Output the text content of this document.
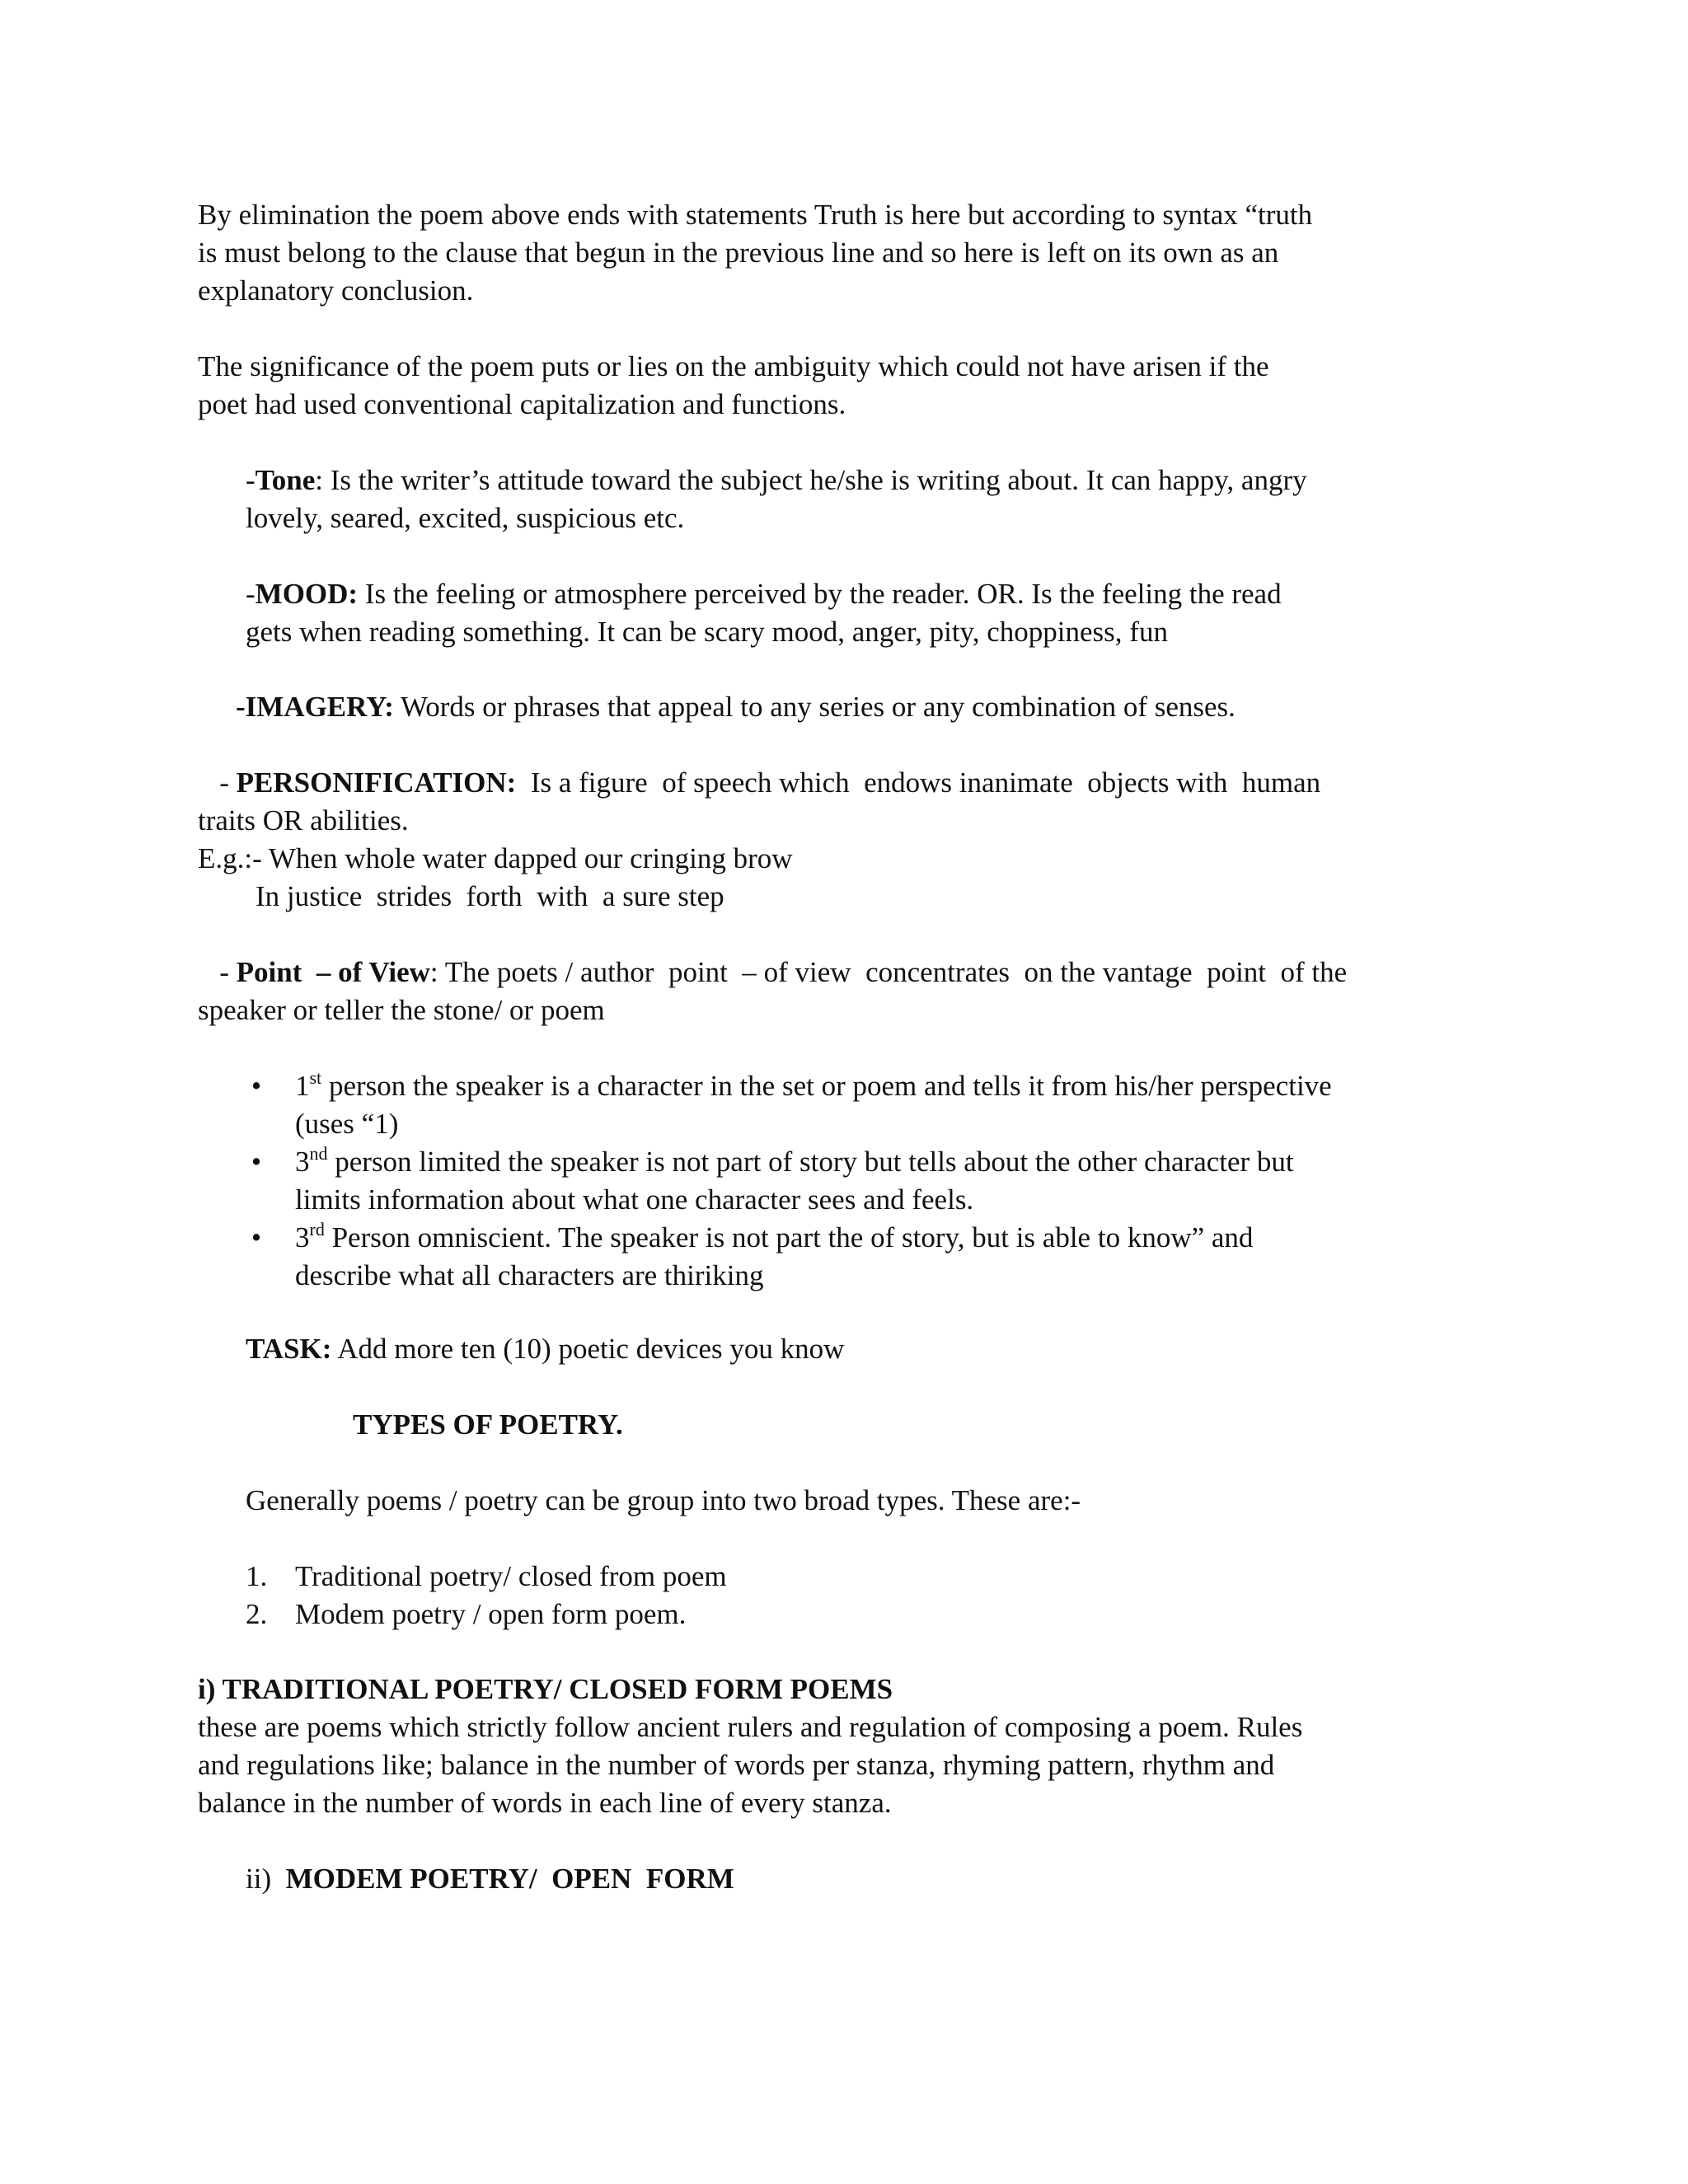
By elimination the poem above ends with statements Truth is here but according to syntax “truth
is must belong to the clause that begun in the previous line and so here is left on its own as an
explanatory conclusion.
The significance of the poem puts or lies on the ambiguity which could not have arisen if the
poet had used conventional capitalization and functions.
-Tone: Is the writer’s attitude toward the subject he/she is writing about. It can happy, angry
lovely, seared, excited, suspicious etc.
-MOOD: Is the feeling or atmosphere perceived by the reader. OR. Is the feeling the read
gets when reading something. It can be scary mood, anger, pity, choppiness, fun
-IMAGERY: Words or phrases that appeal to any series or any combination of senses.
- PERSONIFICATION:  Is a figure  of speech which  endows inanimate  objects with  human
traits OR abilities.
E.g.:- When whole water dapped our cringing brow
In justice  strides  forth  with  a sure step
- Point  – of View: The poets / author  point  – of view  concentrates  on the vantage  point  of the
speaker or teller the stone/ or poem
• 1st person the speaker is a character in the set or poem and tells it from his/her perspective
(uses “1)
• 3nd person limited the speaker is not part of story but tells about the other character but
limits information about what one character sees and feels.
• 3rd Person omniscient. The speaker is not part the of story, but is able to know” and
describe what all characters are thiriking
TASK: Add more ten (10) poetic devices you know
TYPES OF POETRY.
Generally poems / poetry can be group into two broad types. These are:-
1. Traditional poetry/ closed from poem
2. Modem poetry / open form poem.
i) TRADITIONAL POETRY/ CLOSED FORM POEMS
these are poems which strictly follow ancient rulers and regulation of composing a poem. Rules
and regulations like; balance in the number of words per stanza, rhyming pattern, rhythm and
balance in the number of words in each line of every stanza.
ii)  MODEM POETRY/  OPEN  FORM
